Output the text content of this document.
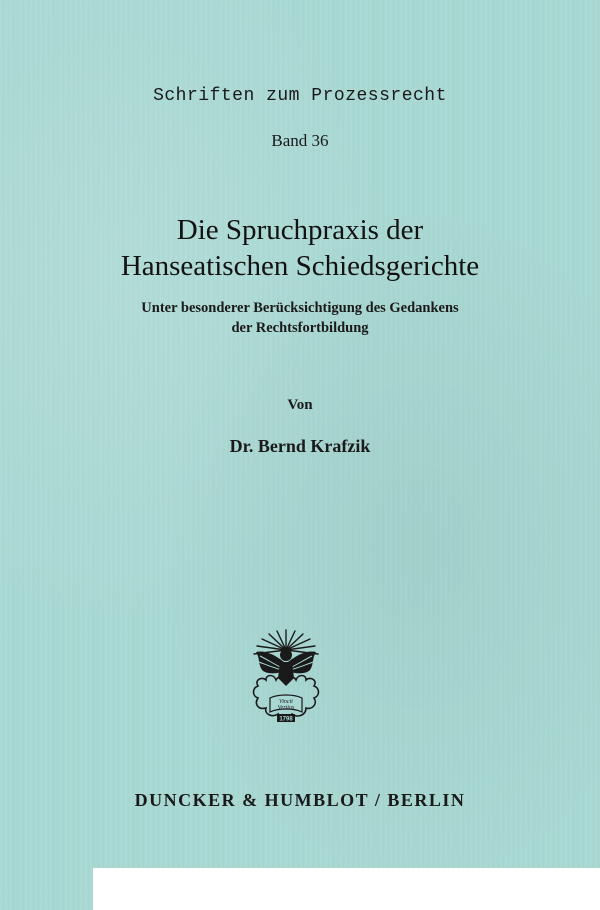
Schriften zum Prozessrecht
Band 36
Die Spruchpraxis der
Hanseatischen Schiedsgerichte
Unter besonderer Berücksichtigung des Gedankens
der Rechtsfortbildung
Von
Dr. Bernd Krafzik
Vincit
Veritas
1798
DUNCKER & HUMBLOT / BERLIN
